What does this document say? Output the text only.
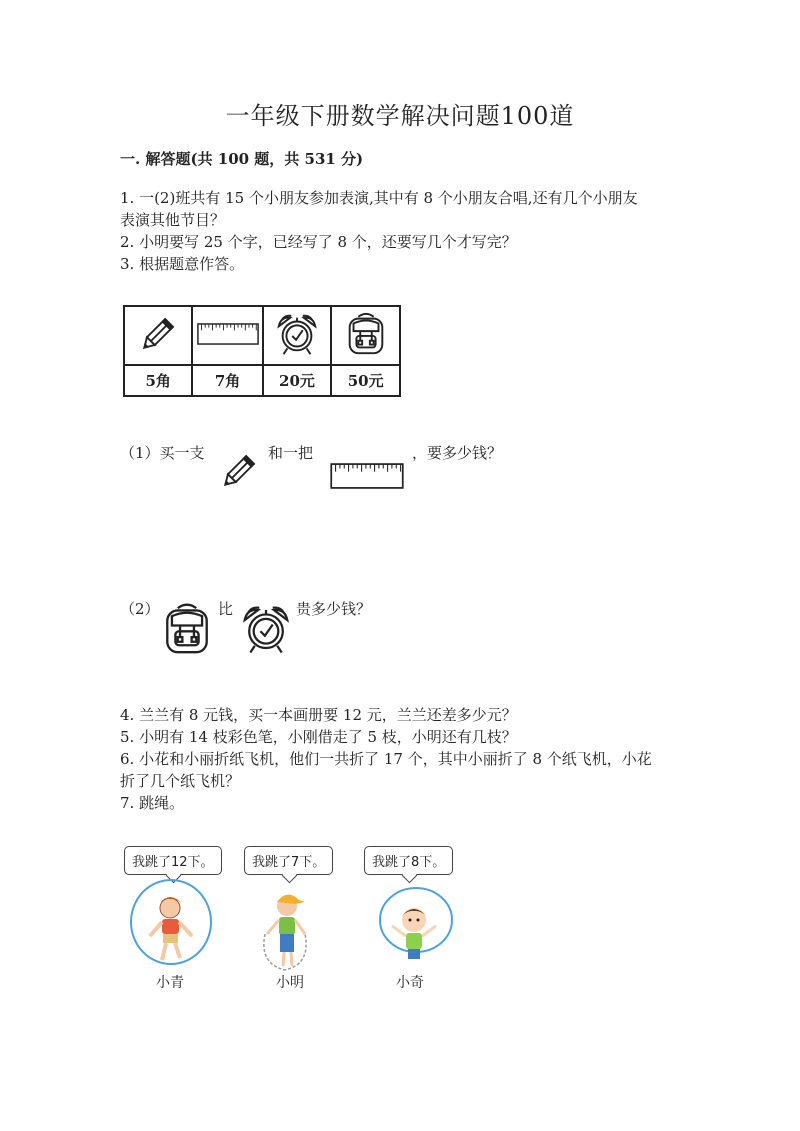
一年级下册数学解决问题100道
一. 解答题(共 100 题，共 531 分)
1. 一(2)班共有 15 个小朋友参加表演,其中有 8 个小朋友合唱,还有几个小朋友
表演其他节目？
2. 小明要写 25 个字，已经写了 8 个，还要写几个才写完？
3. 根据题意作答。

5角	7角	20元	50元
（1）买一支	和一把	，要多少钱？
（2）	比	贵多少钱？
4. 兰兰有 8 元钱，买一本画册要 12 元，兰兰还差多少元？
5. 小明有 14 枝彩色笔，小刚借走了 5 枝，小明还有几枝？
6. 小花和小丽折纸飞机，他们一共折了 17 个，其中小丽折了 8 个纸飞机，小花
折了几个纸飞机？
7. 跳绳。
我跳了12下。	我跳了7下。	我跳了8下。
小青	小明	小奇
